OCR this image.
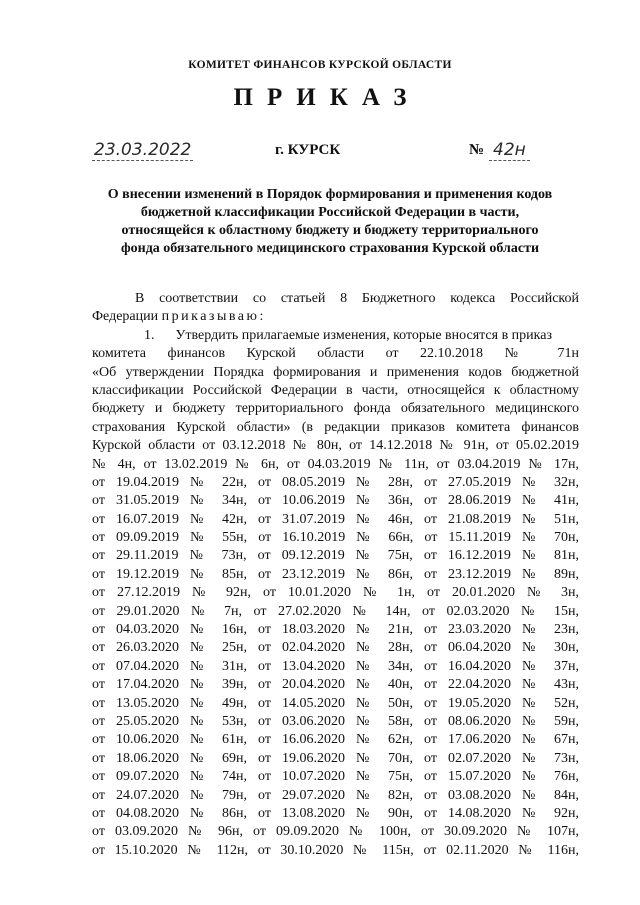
КОМИТЕТ ФИНАНСОВ КУРСКОЙ ОБЛАСТИ
ПРИКАЗ
23.03.2022	г. КУРСК	№ 42н
О внесении изменений в Порядок формирования и применения кодов
бюджетной классификации Российской Федерации в части,
относящейся к областному бюджету и бюджету территориального
фонда обязательного медицинского страхования Курской области
В соответствии со статьей 8 Бюджетного кодекса Российской
Федерации приказываю:
1.      Утвердить прилагаемые изменения, которые вносятся в приказ
комитета финансов Курской области от 22.10.2018 № 71н
«Об утверждении Порядка формирования и применения кодов бюджетной
классификации Российской Федерации в части, относящейся к областному
бюджету и бюджету территориального фонда обязательного медицинского
страхования Курской области» (в редакции приказов комитета финансов
Курской области от 03.12.2018 № 80н, от 14.12.2018 № 91н, от 05.02.2019
№ 4н, от 13.02.2019 № 6н, от 04.03.2019 № 11н, от 03.04.2019 № 17н,
от 19.04.2019 № 22н, от 08.05.2019 № 28н, от 27.05.2019 № 32н,
от 31.05.2019 № 34н, от 10.06.2019 № 36н, от 28.06.2019 № 41н,
от 16.07.2019 № 42н, от 31.07.2019 № 46н, от 21.08.2019 № 51н,
от 09.09.2019 № 55н, от 16.10.2019 № 66н, от 15.11.2019 № 70н,
от 29.11.2019 № 73н, от 09.12.2019 № 75н, от 16.12.2019 № 81н,
от 19.12.2019 № 85н, от 23.12.2019 № 86н, от 23.12.2019 № 89н,
от 27.12.2019 № 92н, от 10.01.2020 № 1н, от 20.01.2020 № 3н,
от 29.01.2020 № 7н, от 27.02.2020 № 14н, от 02.03.2020 № 15н,
от 04.03.2020 № 16н, от 18.03.2020 № 21н, от 23.03.2020 № 23н,
от 26.03.2020 № 25н, от 02.04.2020 № 28н, от 06.04.2020 № 30н,
от 07.04.2020 № 31н, от 13.04.2020 № 34н, от 16.04.2020 № 37н,
от 17.04.2020 № 39н, от 20.04.2020 № 40н, от 22.04.2020 № 43н,
от 13.05.2020 № 49н, от 14.05.2020 № 50н, от 19.05.2020 № 52н,
от 25.05.2020 № 53н, от 03.06.2020 № 58н, от 08.06.2020 № 59н,
от 10.06.2020 № 61н, от 16.06.2020 № 62н, от 17.06.2020 № 67н,
от 18.06.2020 № 69н, от 19.06.2020 № 70н, от 02.07.2020 № 73н,
от 09.07.2020 № 74н, от 10.07.2020 № 75н, от 15.07.2020 № 76н,
от 24.07.2020 № 79н, от 29.07.2020 № 82н, от 03.08.2020 № 84н,
от 04.08.2020 № 86н, от 13.08.2020 № 90н, от 14.08.2020 № 92н,
от 03.09.2020 № 96н, от 09.09.2020 № 100н, от 30.09.2020 № 107н,
от 15.10.2020 № 112н, от 30.10.2020 № 115н, от 02.11.2020 № 116н,
